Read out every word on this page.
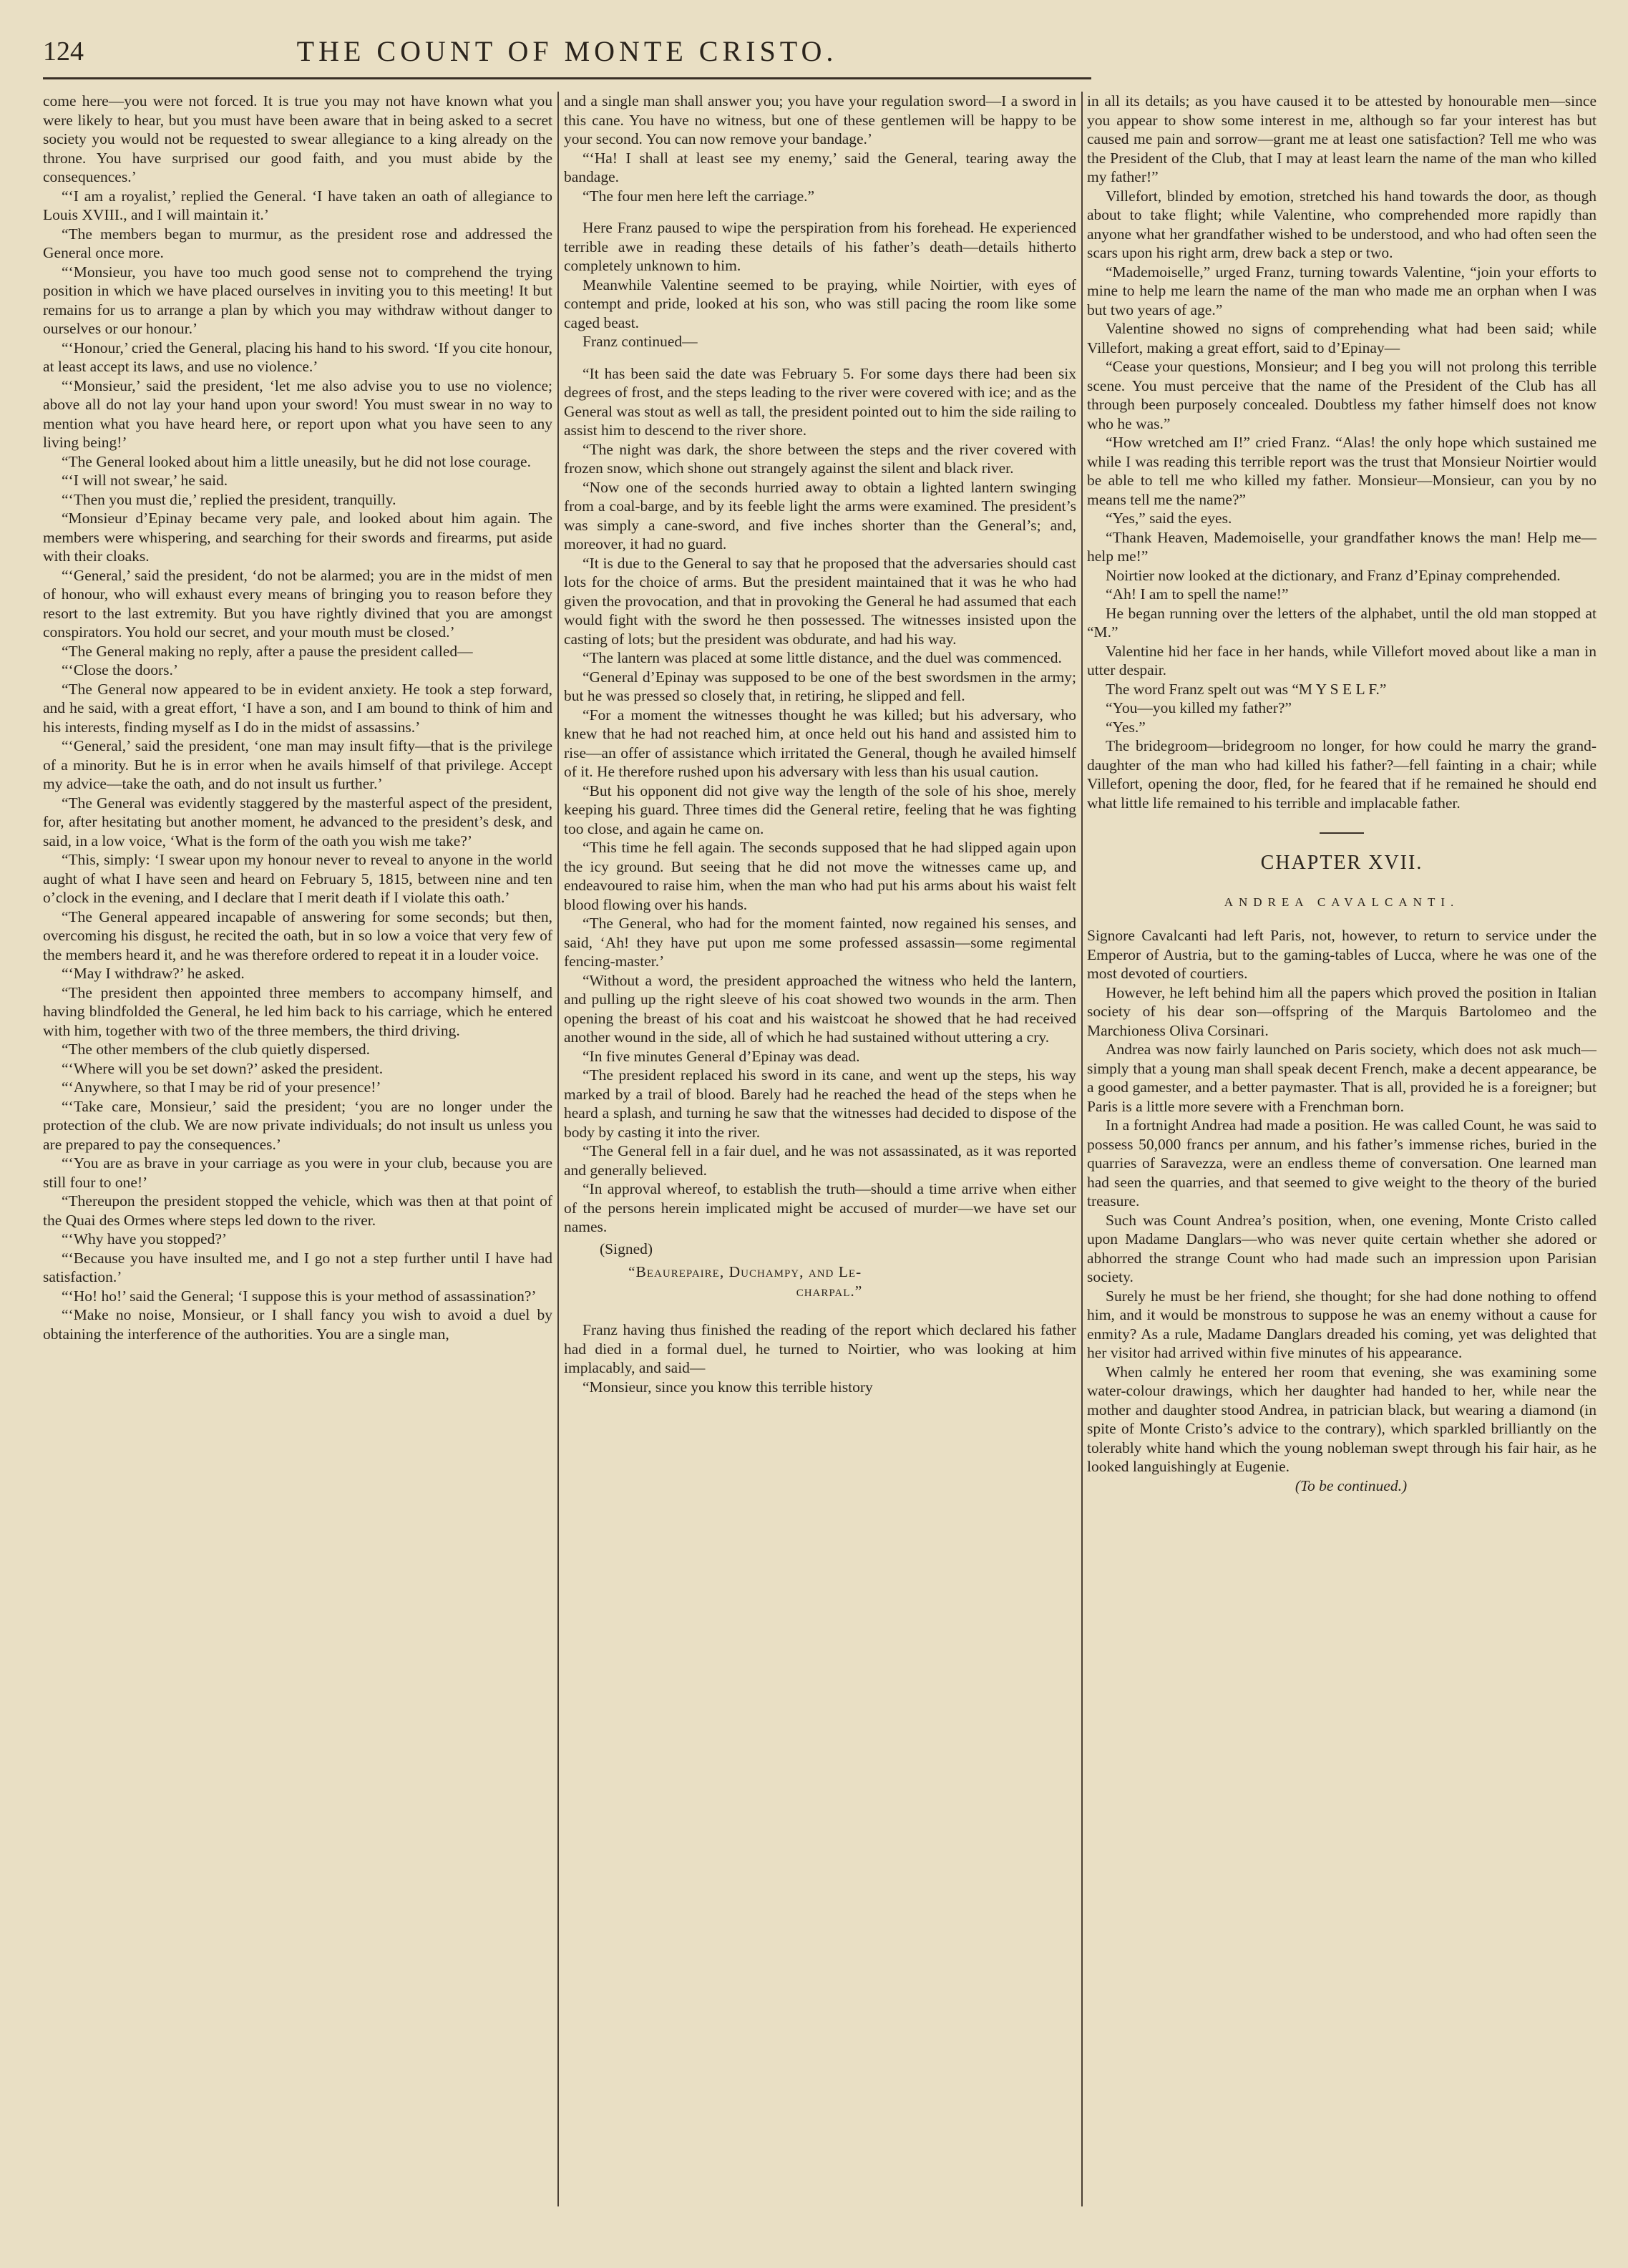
124	THE COUNT OF MONTE CRISTO.

come here—you were not forced. It is true you may not have known what you were likely to hear, but you must have been aware that in being asked to a secret society you would not be requested to swear allegiance to a king already on the throne. You have surprised our good faith, and you must abide by the consequences.’

“‘I am a royalist,’ replied the General. ‘I have taken an oath of allegiance to Louis XVIII., and I will maintain it.’

“The members began to murmur, as the president rose and addressed the General once more.

“‘Monsieur, you have too much good sense not to comprehend the trying position in which we have placed ourselves in inviting you to this meeting! It but remains for us to arrange a plan by which you may withdraw without danger to ourselves or our honour.’

“‘Honour,’ cried the General, placing his hand to his sword. ‘If you cite honour, at least accept its laws, and use no violence.’

“‘Monsieur,’ said the president, ‘let me also advise you to use no violence; above all do not lay your hand upon your sword! You must swear in no way to mention what you have heard here, or report upon what you have seen to any living being!’

“The General looked about him a little uneasily, but he did not lose courage.

“‘I will not swear,’ he said.

“‘Then you must die,’ replied the president, tranquilly.

“Monsieur d’Epinay became very pale, and looked about him again. The members were whispering, and searching for their swords and firearms, put aside with their cloaks.

“‘General,’ said the president, ‘do not be alarmed; you are in the midst of men of honour, who will exhaust every means of bringing you to reason before they resort to the last extremity. But you have rightly divined that you are amongst conspirators. You hold our secret, and your mouth must be closed.’

“The General making no reply, after a pause the president called—

“‘Close the doors.’

“The General now appeared to be in evident anxiety. He took a step forward, and he said, with a great effort, ‘I have a son, and I am bound to think of him and his interests, finding myself as I do in the midst of assassins.’

“‘General,’ said the president, ‘one man may insult fifty—that is the privilege of a minority. But he is in error when he avails himself of that privilege. Accept my advice—take the oath, and do not insult us further.’

“The General was evidently staggered by the masterful aspect of the president, for, after hesitating but another moment, he advanced to the president’s desk, and said, in a low voice, ‘What is the form of the oath you wish me take?’

“This, simply: ‘I swear upon my honour never to reveal to anyone in the world aught of what I have seen and heard on February 5, 1815, between nine and ten o’clock in the evening, and I declare that I merit death if I violate this oath.’

“The General appeared incapable of answering for some seconds; but then, overcoming his disgust, he recited the oath, but in so low a voice that very few of the members heard it, and he was therefore ordered to repeat it in a louder voice.

“‘May I withdraw?’ he asked.

“The president then appointed three members to accompany himself, and having blindfolded the General, he led him back to his carriage, which he entered with him, together with two of the three members, the third driving.

“The other members of the club quietly dispersed.

“‘Where will you be set down?’ asked the president.

“‘Anywhere, so that I may be rid of your presence!’

“‘Take care, Monsieur,’ said the president; ‘you are no longer under the protection of the club. We are now private individuals; do not insult us unless you are prepared to pay the consequences.’

“‘You are as brave in your carriage as you were in your club, because you are still four to one!’

“Thereupon the president stopped the vehicle, which was then at that point of the Quai des Ormes where steps led down to the river.

“‘Why have you stopped?’

“‘Because you have insulted me, and I go not a step further until I have had satisfaction.’

“‘Ho! ho!’ said the General; ‘I suppose this is your method of assassination?’

“‘Make no noise, Monsieur, or I shall fancy you wish to avoid a duel by obtaining the interference of the authorities. You are a single man,

and a single man shall answer you; you have your regulation sword—I a sword in this cane. You have no witness, but one of these gentlemen will be happy to be your second. You can now remove your bandage.’

“‘Ha! I shall at least see my enemy,’ said the General, tearing away the bandage.

“The four men here left the carriage.”

Here Franz paused to wipe the perspiration from his forehead. He experienced terrible awe in reading these details of his father’s death—details hitherto completely unknown to him.

Meanwhile Valentine seemed to be praying, while Noirtier, with eyes of contempt and pride, looked at his son, who was still pacing the room like some caged beast.

Franz continued—

“It has been said the date was February 5. For some days there had been six degrees of frost, and the steps leading to the river were covered with ice; and as the General was stout as well as tall, the president pointed out to him the side railing to assist him to descend to the river shore.

“The night was dark, the shore between the steps and the river covered with frozen snow, which shone out strangely against the silent and black river.

“Now one of the seconds hurried away to obtain a lighted lantern swinging from a coal-barge, and by its feeble light the arms were examined. The president’s was simply a cane-sword, and five inches shorter than the General’s; and, moreover, it had no guard.

“It is due to the General to say that he proposed that the adversaries should cast lots for the choice of arms. But the president maintained that it was he who had given the provocation, and that in provoking the General he had assumed that each would fight with the sword he then possessed. The witnesses insisted upon the casting of lots; but the president was obdurate, and had his way.

“The lantern was placed at some little distance, and the duel was commenced.

“General d’Epinay was supposed to be one of the best swordsmen in the army; but he was pressed so closely that, in retiring, he slipped and fell.

“For a moment the witnesses thought he was killed; but his adversary, who knew that he had not reached him, at once held out his hand and assisted him to rise—an offer of assistance which irritated the General, though he availed himself of it. He therefore rushed upon his adversary with less than his usual caution.

“But his opponent did not give way the length of the sole of his shoe, merely keeping his guard. Three times did the General retire, feeling that he was fighting too close, and again he came on.

“This time he fell again. The seconds supposed that he had slipped again upon the icy ground. But seeing that he did not move the witnesses came up, and endeavoured to raise him, when the man who had put his arms about his waist felt blood flowing over his hands.

“The General, who had for the moment fainted, now regained his senses, and said, ‘Ah! they have put upon me some professed assassin—some regimental fencing-master.’

“Without a word, the president approached the witness who held the lantern, and pulling up the right sleeve of his coat showed two wounds in the arm. Then opening the breast of his coat and his waistcoat he showed that he had received another wound in the side, all of which he had sustained without uttering a cry.

“In five minutes General d’Epinay was dead.

“The president replaced his sword in its cane, and went up the steps, his way marked by a trail of blood. Barely had he reached the head of the steps when he heard a splash, and turning he saw that the witnesses had decided to dispose of the body by casting it into the river.

“The General fell in a fair duel, and he was not assassinated, as it was reported and generally believed.

“In approval whereof, to establish the truth—should a time arrive when either of the persons herein implicated might be accused of murder—we have set our names.

(Signed)

“Beaurepaire, Duchampy, and Le-

charpal.”

Franz having thus finished the reading of the report which declared his father had died in a formal duel, he turned to Noirtier, who was looking at him implacably, and said—

“Monsieur, since you know this terrible history

in all its details; as you have caused it to be attested by honourable men—since you appear to show some interest in me, although so far your interest has but caused me pain and sorrow—grant me at least one satisfaction? Tell me who was the President of the Club, that I may at least learn the name of the man who killed my father!”

Villefort, blinded by emotion, stretched his hand towards the door, as though about to take flight; while Valentine, who comprehended more rapidly than anyone what her grandfather wished to be understood, and who had often seen the scars upon his right arm, drew back a step or two.

“Mademoiselle,” urged Franz, turning towards Valentine, “join your efforts to mine to help me learn the name of the man who made me an orphan when I was but two years of age.”

Valentine showed no signs of comprehending what had been said; while Villefort, making a great effort, said to d’Epinay—

“Cease your questions, Monsieur; and I beg you will not prolong this terrible scene. You must perceive that the name of the President of the Club has all through been purposely concealed. Doubtless my father himself does not know who he was.”

“How wretched am I!” cried Franz. “Alas! the only hope which sustained me while I was reading this terrible report was the trust that Monsieur Noirtier would be able to tell me who killed my father. Monsieur—Monsieur, can you by no means tell me the name?”

“Yes,” said the eyes.

“Thank Heaven, Mademoiselle, your grandfather knows the man! Help me—help me!”

Noirtier now looked at the dictionary, and Franz d’Epinay comprehended.

“Ah! I am to spell the name!”

He began running over the letters of the alphabet, until the old man stopped at “M.”

Valentine hid her face in her hands, while Villefort moved about like a man in utter despair.

The word Franz spelt out was “M Y S E L F.”

“You—you killed my father?”

“Yes.”

The bridegroom—bridegroom no longer, for how could he marry the grand-daughter of the man who had killed his father?—fell fainting in a chair; while Villefort, opening the door, fled, for he feared that if he remained he should end what little life remained to his terrible and implacable father.

CHAPTER XVII.
ANDREA CAVALCANTI.

Signore Cavalcanti had left Paris, not, however, to return to service under the Emperor of Austria, but to the gaming-tables of Lucca, where he was one of the most devoted of courtiers.

However, he left behind him all the papers which proved the position in Italian society of his dear son—offspring of the Marquis Bartolomeo and the Marchioness Oliva Corsinari.

Andrea was now fairly launched on Paris society, which does not ask much—simply that a young man shall speak decent French, make a decent appearance, be a good gamester, and a better paymaster. That is all, provided he is a foreigner; but Paris is a little more severe with a Frenchman born.

In a fortnight Andrea had made a position. He was called Count, he was said to possess 50,000 francs per annum, and his father’s immense riches, buried in the quarries of Saravezza, were an endless theme of conversation. One learned man had seen the quarries, and that seemed to give weight to the theory of the buried treasure.

Such was Count Andrea’s position, when, one evening, Monte Cristo called upon Madame Danglars—who was never quite certain whether she adored or abhorred the strange Count who had made such an impression upon Parisian society.

Surely he must be her friend, she thought; for she had done nothing to offend him, and it would be monstrous to suppose he was an enemy without a cause for enmity? As a rule, Madame Danglars dreaded his coming, yet was delighted that her visitor had arrived within five minutes of his appearance.

When calmly he entered her room that evening, she was examining some water-colour drawings, which her daughter had handed to her, while near the mother and daughter stood Andrea, in patrician black, but wearing a diamond (in spite of Monte Cristo’s advice to the contrary), which sparkled brilliantly on the tolerably white hand which the young nobleman swept through his fair hair, as he looked languishingly at Eugenie.

(To be continued.)
